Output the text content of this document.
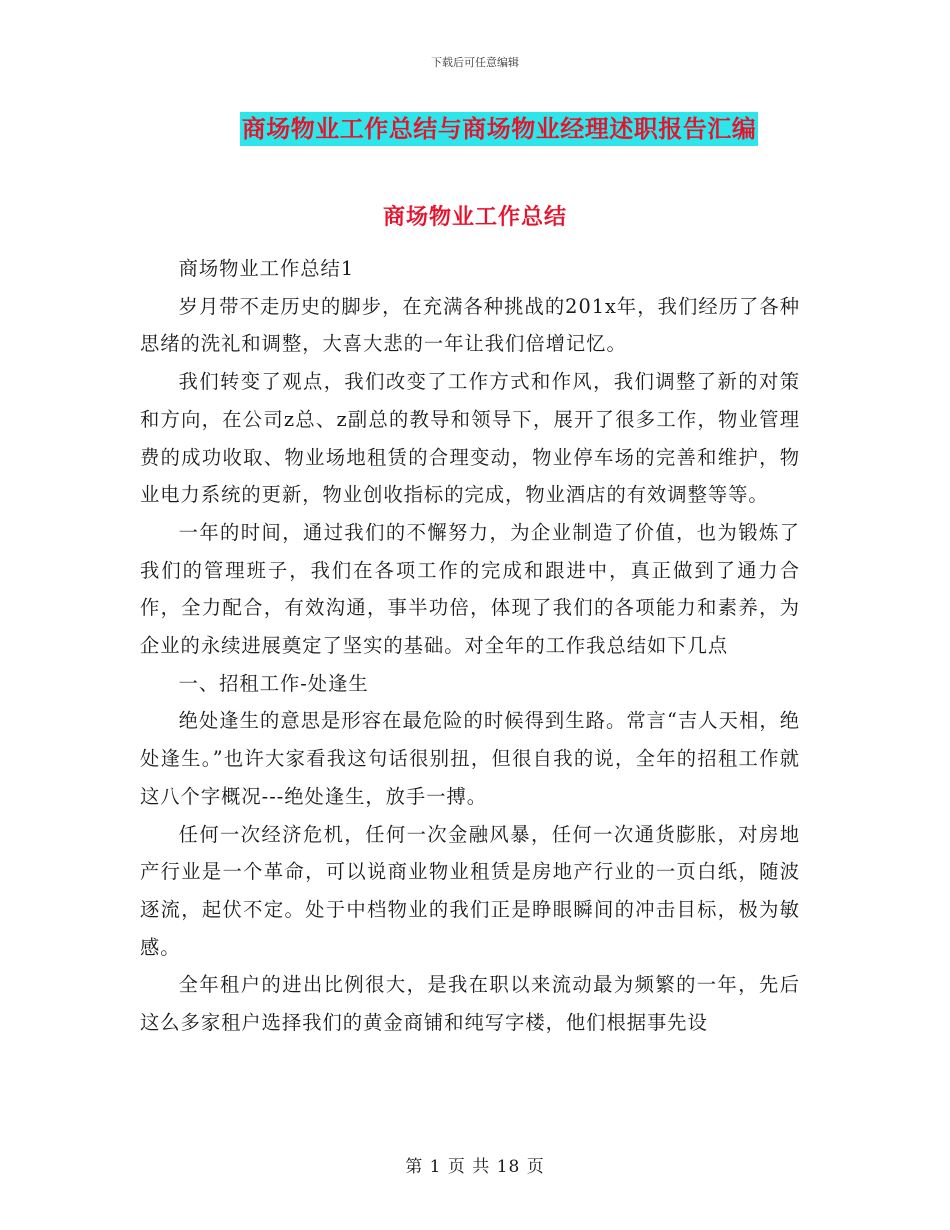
下载后可任意编辑
商场物业工作总结与商场物业经理述职报告汇编
商场物业工作总结

商场物业工作总结1

岁月带不走历史的脚步，在充满各种挑战的201x年，我们经历了各种思绪的洗礼和调整，大喜大悲的一年让我们倍增记忆。

我们转变了观点，我们改变了工作方式和作风，我们调整了新的对策和方向，在公司z总、z副总的教导和领导下，展开了很多工作，物业管理费的成功收取、物业场地租赁的合理变动，物业停车场的完善和维护，物业电力系统的更新，物业创收指标的完成，物业酒店的有效调整等等。

一年的时间，通过我们的不懈努力，为企业制造了价值，也为锻炼了我们的管理班子，我们在各项工作的完成和跟进中，真正做到了通力合作，全力配合，有效沟通，事半功倍，体现了我们的各项能力和素养，为企业的永续进展奠定了坚实的基础。对全年的工作我总结如下几点

一、招租工作-处逢生

绝处逢生的意思是形容在最危险的时候得到生路。常言“吉人天相，绝处逢生。”也许大家看我这句话很别扭，但很自我的说，全年的招租工作就这八个字概况---绝处逢生，放手一搏。

任何一次经济危机，任何一次金融风暴，任何一次通货膨胀，对房地产行业是一个革命，可以说商业物业租赁是房地产行业的一页白纸，随波逐流，起伏不定。处于中档物业的我们正是睁眼瞬间的冲击目标，极为敏感。

全年租户的进出比例很大，是我在职以来流动最为频繁的一年，先后这么多家租户选择我们的黄金商铺和纯写字楼，他们根据事先设

第 1 页 共 18 页
